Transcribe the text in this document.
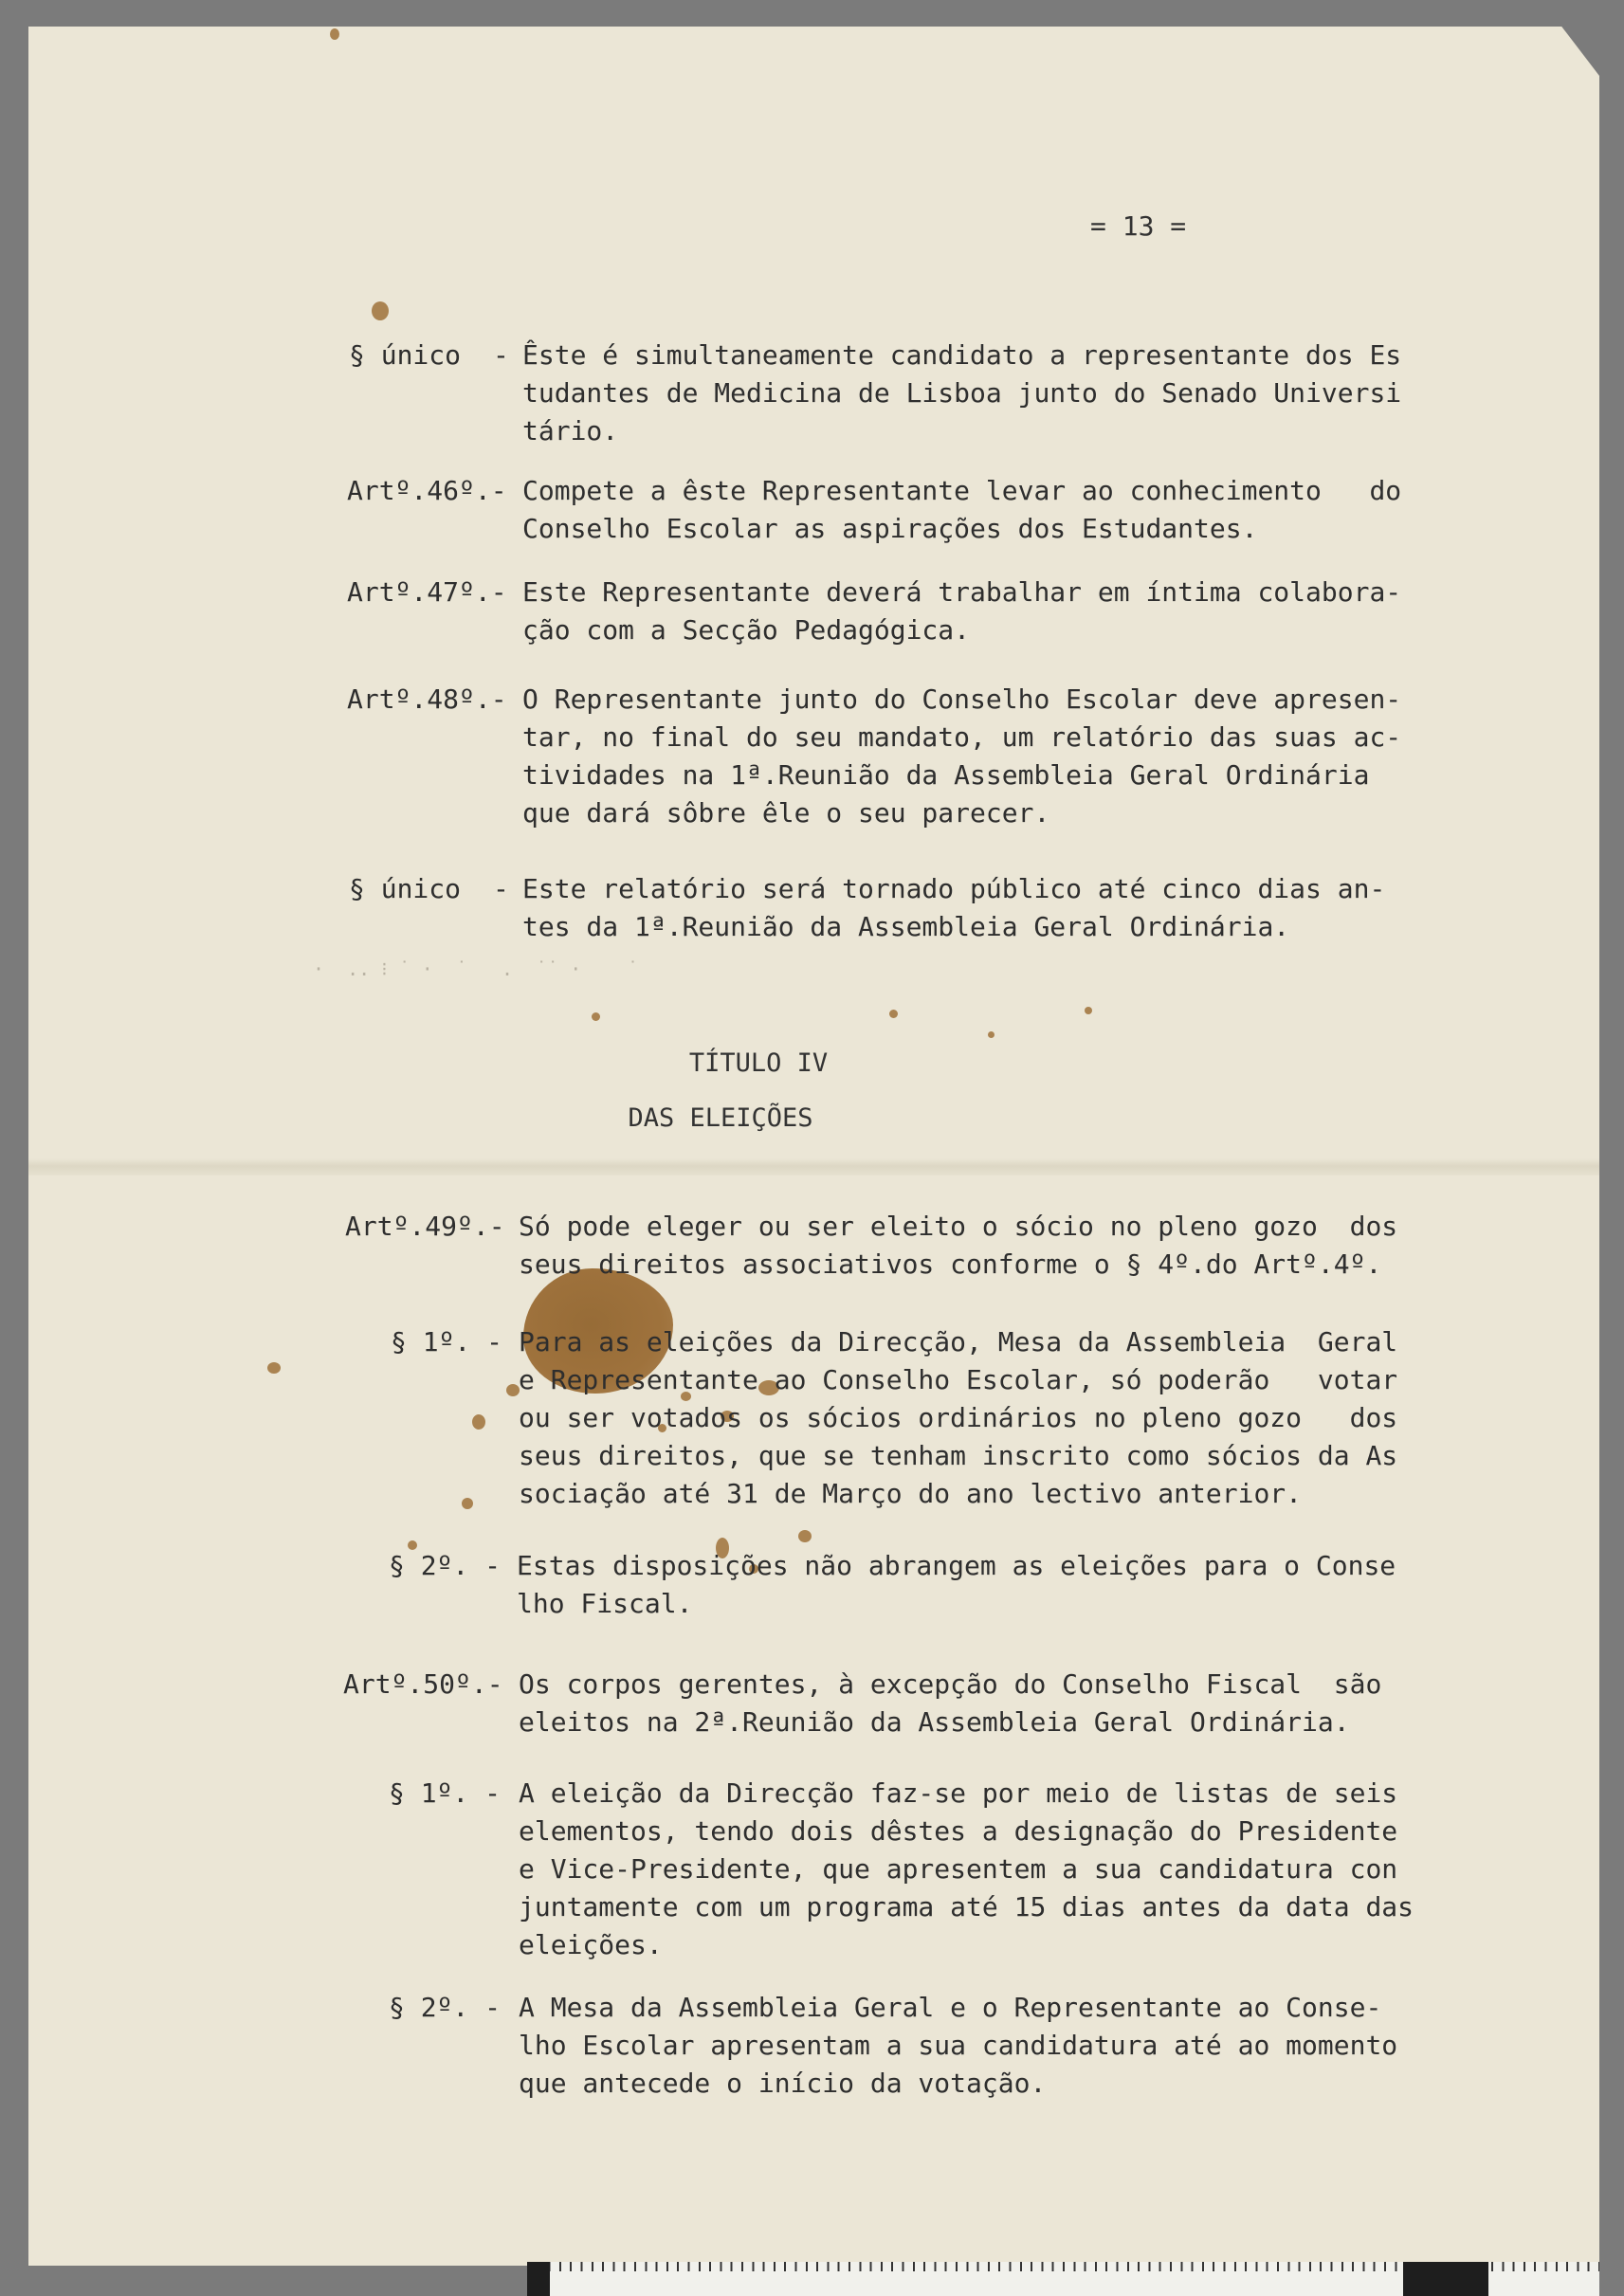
·  .. ⁝ ˙ ·  ˙   .  ˙˙ ·    ˙
= 13 =
§ único - Êste é simultaneamente candidato a representante dos Es
tudantes de Medicina de Lisboa junto do Senado Universi
tário.
Artº.46º.- Compete a êste Representante levar ao conhecimento   do
Conselho Escolar as aspirações dos Estudantes.
Artº.47º.- Este Representante deverá trabalhar em íntima colabora-
ção com a Secção Pedagógica.
Artº.48º.- O Representante junto do Conselho Escolar deve apresen-
tar, no final do seu mandato, um relatório das suas ac-
tividades na 1ª.Reunião da Assembleia Geral Ordinária
que dará sôbre êle o seu parecer.
§ único - Este relatório será tornado público até cinco dias an-
tes da 1ª.Reunião da Assembleia Geral Ordinária.
TÍTULO IV
DAS ELEIÇÕES
Artº.49º.- Só pode eleger ou ser eleito o sócio no pleno gozo  dos
seus direitos associativos conforme o § 4º.do Artº.4º.
§ 1º. - Para as eleições da Direcção, Mesa da Assembleia  Geral
e Representante ao Conselho Escolar, só poderão   votar
ou ser votados os sócios ordinários no pleno gozo   dos
seus direitos, que se tenham inscrito como sócios da As
sociação até 31 de Março do ano lectivo anterior.
§ 2º. - Estas disposições não abrangem as eleições para o Conse
lho Fiscal.
Artº.50º.- Os corpos gerentes, à excepção do Conselho Fiscal  são
eleitos na 2ª.Reunião da Assembleia Geral Ordinária.
§ 1º. - A eleição da Direcção faz-se por meio de listas de seis
elementos, tendo dois dêstes a designação do Presidente
e Vice-Presidente, que apresentem a sua candidatura con
juntamente com um programa até 15 dias antes da data das
eleições.
§ 2º. - A Mesa da Assembleia Geral e o Representante ao Conse-
lho Escolar apresentam a sua candidatura até ao momento
que antecede o início da votação.
